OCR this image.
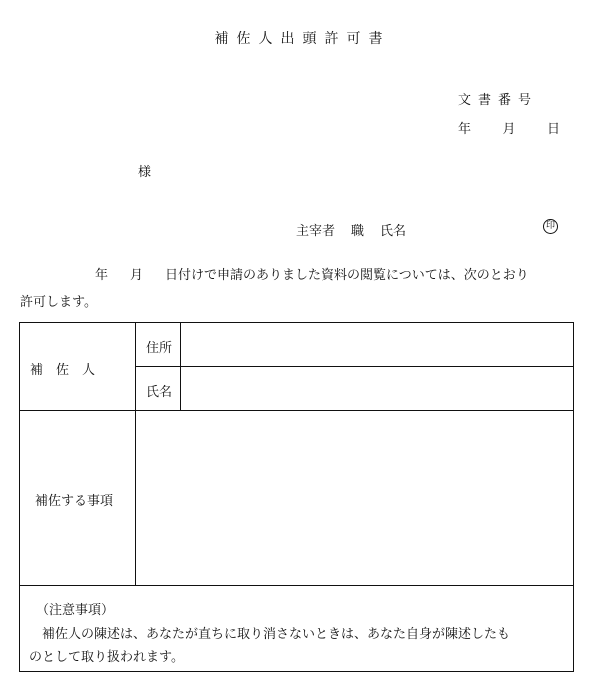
補佐人出頭許可書
文書番号
年 月 日
様
主宰者 職 氏名	印
年 月 日付けで申請のありました資料の閲覧については、次のとおり
許可します。
補　佐　人
住所
氏名
補佐する事項
（注意事項）
補佐人の陳述は、あなたが直ちに取り消さないときは、あなた自身が陳述したも
のとして取り扱われます。
